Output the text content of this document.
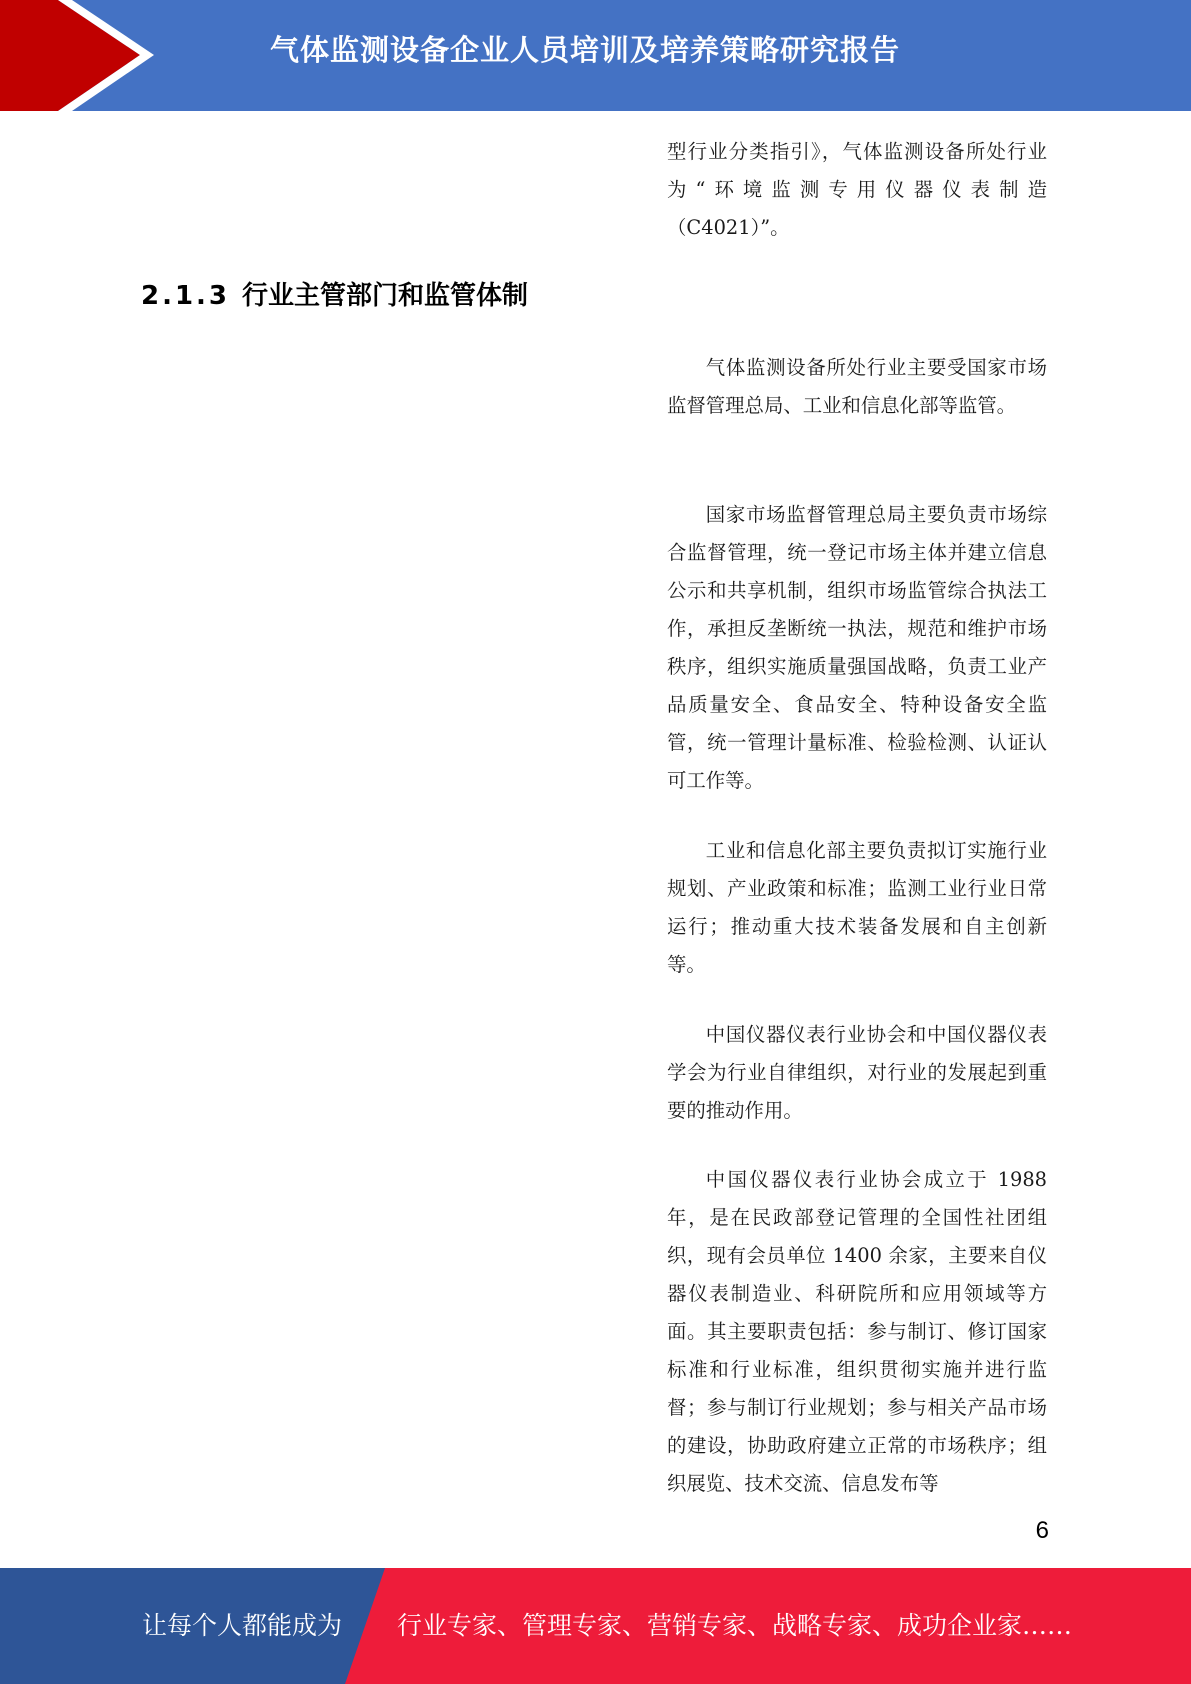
气体监测设备企业人员培训及培养策略研究报告
2.1.3 行业主管部门和监管体制

型行业分类指引》，气体监测设备所处行业为“环境监测专用仪器仪表制造（C4021）”。

气体监测设备所处行业主要受国家市场监督管理总局、工业和信息化部等监管。

国家市场监督管理总局主要负责市场综合监督管理，统一登记市场主体并建立信息公示和共享机制，组织市场监管综合执法工作，承担反垄断统一执法，规范和维护市场秩序，组织实施质量强国战略，负责工业产品质量安全、食品安全、特种设备安全监管，统一管理计量标准、检验检测、认证认可工作等。

工业和信息化部主要负责拟订实施行业规划、产业政策和标准；监测工业行业日常运行；推动重大技术装备发展和自主创新等。

中国仪器仪表行业协会和中国仪器仪表学会为行业自律组织，对行业的发展起到重要的推动作用。

中国仪器仪表行业协会成立于 1988 年，是在民政部登记管理的全国性社团组织，现有会员单位 1400 余家，主要来自仪器仪表制造业、科研院所和应用领域等方面。其主要职责包括：参与制订、修订国家标准和行业标准，组织贯彻实施并进行监督；参与制订行业规划；参与相关产品市场的建设，协助政府建立正常的市场秩序；组织展览、技术交流、信息发布等

6
让每个人都能成为 行业专家、管理专家、营销专家、战略专家、成功企业家……
